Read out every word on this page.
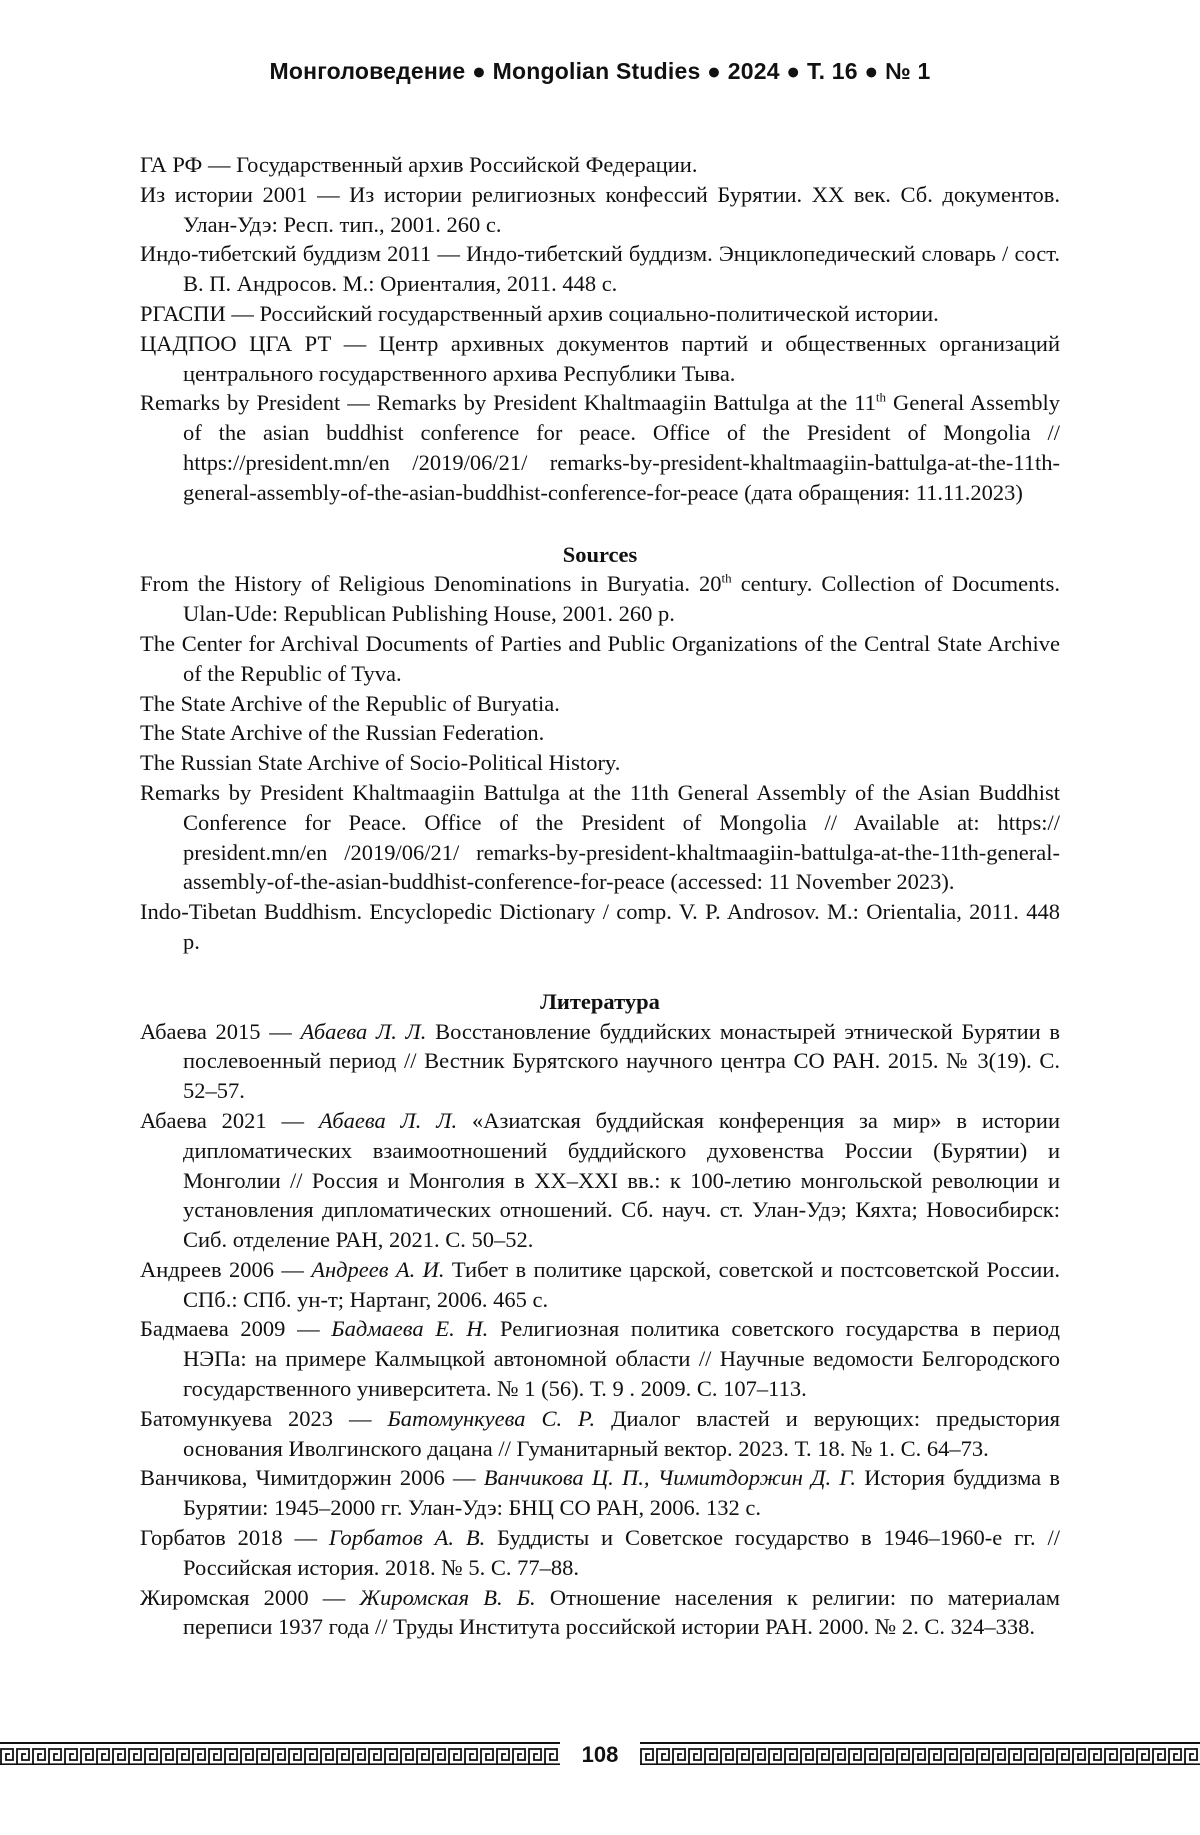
Монголоведение ● Mongolian Studies ● 2024 ● Т. 16 ● № 1

ГА РФ — Государственный архив Российской Федерации.

Из истории 2001 — Из истории религиозных конфессий Бурятии. XX век. Сб. документов. Улан-Удэ: Респ. тип., 2001. 260 с.

Индо-тибетский буддизм 2011 — Индо-тибетский буддизм. Энциклопедический словарь / сост. В. П. Андросов. М.: Ориенталия, 2011. 448 с.

РГАСПИ — Российский государственный архив социально-политической истории.

ЦАДПОО ЦГА РТ — Центр архивных документов партий и общественных организаций центрального государственного архива Республики Тыва.

Remarks by President — Remarks by President Khaltmaagiin Battulga at the 11th General Assembly of the asian buddhist conference for peace. Office of the President of Mongolia // https://president.mn/en /2019/06/21/ remarks-by-president-khaltmaagiin-battulga-at-the-11th-general-assembly-of-the-asian-buddhist-conference-for-peace (дата обращения: 11.11.2023)

Sources

From the History of Religious Denominations in Buryatia. 20th century. Collection of Documents. Ulan-Ude: Republican Publishing House, 2001. 260 p.

The Center for Archival Documents of Parties and Public Organizations of the Central State Archive of the Republic of Tyva.

The State Archive of the Republic of Buryatia.

The State Archive of the Russian Federation.

The Russian State Archive of Socio-Political History.

Remarks by President Khaltmaagiin Battulga at the 11th General Assembly of the Asian Buddhist Conference for Peace. Office of the President of Mongolia // Available at: https:// president.mn/en /2019/06/21/ remarks-by-president-khaltmaagiin-battulga-at-the-11th-general-assembly-of-the-asian-buddhist-conference-for-peace (accessed: 11 November 2023).

Indo-Tibetan Buddhism. Encyclopedic Dictionary / comp. V. P. Androsov. M.: Orientalia, 2011. 448 p.

Литература

Абаева 2015 — Абаева Л. Л. Восстановление буддийских монастырей этнической Бурятии в послевоенный период // Вестник Бурятского научного центра СО РАН. 2015. № 3(19). С. 52–57.

Абаева 2021 — Абаева Л. Л. «Азиатская буддийская конференция за мир» в истории дипломатических взаимоотношений буддийского духовенства России (Бурятии) и Монголии // Россия и Монголия в XX–XXI вв.: к 100-летию монгольской революции и установления дипломатических отношений. Сб. науч. ст. Улан-Удэ; Кяхта; Новосибирск: Сиб. отделение РАН, 2021. С. 50–52.

Андреев 2006 — Андреев А. И. Тибет в политике царской, советской и постсоветской России. СПб.: СПб. ун-т; Нартанг, 2006. 465 с.

Бадмаева 2009 — Бадмаева Е. Н. Религиозная политика советского государства в период НЭПа: на примере Калмыцкой автономной области // Научные ведомости Белгородского государственного университета. № 1 (56). Т. 9 . 2009. С. 107–113.

Батомункуева 2023 — Батомункуева С. Р. Диалог властей и верующих: предыстория основания Иволгинского дацана // Гуманитарный вектор. 2023. Т. 18. № 1. С. 64–73.

Ванчикова, Чимитдоржин 2006 — Ванчикова Ц. П., Чимитдоржин Д. Г. История буддизма в Бурятии: 1945–2000 гг. Улан-Удэ: БНЦ СО РАН, 2006. 132 с.

Горбатов 2018 — Горбатов А. В. Буддисты и Советское государство в 1946–1960-е гг. // Российская история. 2018. № 5. С. 77–88.

Жиромская 2000 — Жиромская В. Б. Отношение населения к религии: по материалам переписи 1937 года // Труды Института российской истории РАН. 2000. № 2. С. 324–338.

108
